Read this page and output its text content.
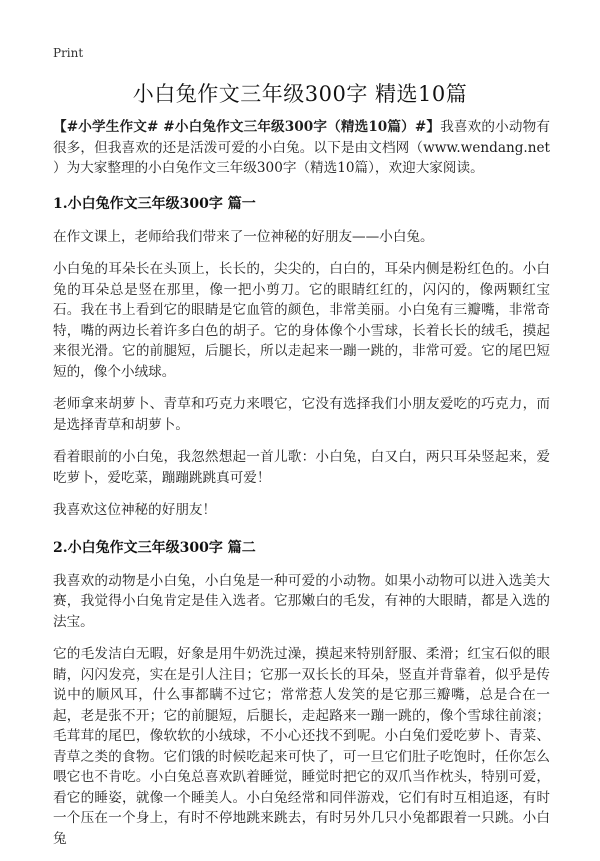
Print
小白兔作文三年级300字 精选10篇

【#小学生作文# #小白兔作文三年级300字（精选10篇）#】我喜欢的小动物有很多，但我喜欢的还是活泼可爱的小白兔。以下是由文档网（www.wendang.net ）为大家整理的小白兔作文三年级300字（精选10篇），欢迎大家阅读。

1.小白兔作文三年级300字 篇一

在作文课上，老师给我们带来了一位神秘的好朋友——小白兔。

小白兔的耳朵长在头顶上，长长的，尖尖的，白白的，耳朵内侧是粉红色的。小白兔的耳朵总是竖在那里，像一把小剪刀。它的眼睛红红的，闪闪的，像两颗红宝石。我在书上看到它的眼睛是它血管的颜色，非常美丽。小白兔有三瓣嘴，非常奇特，嘴的两边长着许多白色的胡子。它的身体像个小雪球，长着长长的绒毛，摸起来很光滑。它的前腿短，后腿长，所以走起来一蹦一跳的，非常可爱。它的尾巴短短的，像个小绒球。

老师拿来胡萝卜、青草和巧克力来喂它，它没有选择我们小朋友爱吃的巧克力，而是选择青草和胡萝卜。

看着眼前的小白兔，我忽然想起一首儿歌：小白兔，白又白，两只耳朵竖起来，爱吃萝卜，爱吃菜，蹦蹦跳跳真可爱！

我喜欢这位神秘的好朋友！

2.小白兔作文三年级300字 篇二

我喜欢的动物是小白兔，小白兔是一种可爱的小动物。如果小动物可以进入选美大赛，我觉得小白兔肯定是佳入选者。它那嫩白的毛发，有神的大眼睛，都是入选的法宝。

它的毛发洁白无暇，好象是用牛奶洗过澡，摸起来特别舒服、柔滑；红宝石似的眼睛，闪闪发亮，实在是引人注目；它那一双长长的耳朵，竖直并背靠着，似乎是传说中的顺风耳，什么事都瞒不过它；常常惹人发笑的是它那三瓣嘴，总是合在一起，老是张不开；它的前腿短，后腿长，走起路来一蹦一跳的，像个雪球往前滚；毛茸茸的尾巴，像软软的小绒球，不小心还找不到呢。小白兔们爱吃萝卜、青菜、青草之类的食物。它们饿的时候吃起来可快了，可一旦它们肚子吃饱时，任你怎么喂它也不肯吃。小白兔总喜欢趴着睡觉，睡觉时把它的双爪当作枕头，特别可爱，看它的睡姿，就像一个睡美人。小白兔经常和同伴游戏，它们有时互相追逐，有时一个压在一个身上，有时不停地跳来跳去，有时另外几只小兔都跟着一只跳。小白兔
